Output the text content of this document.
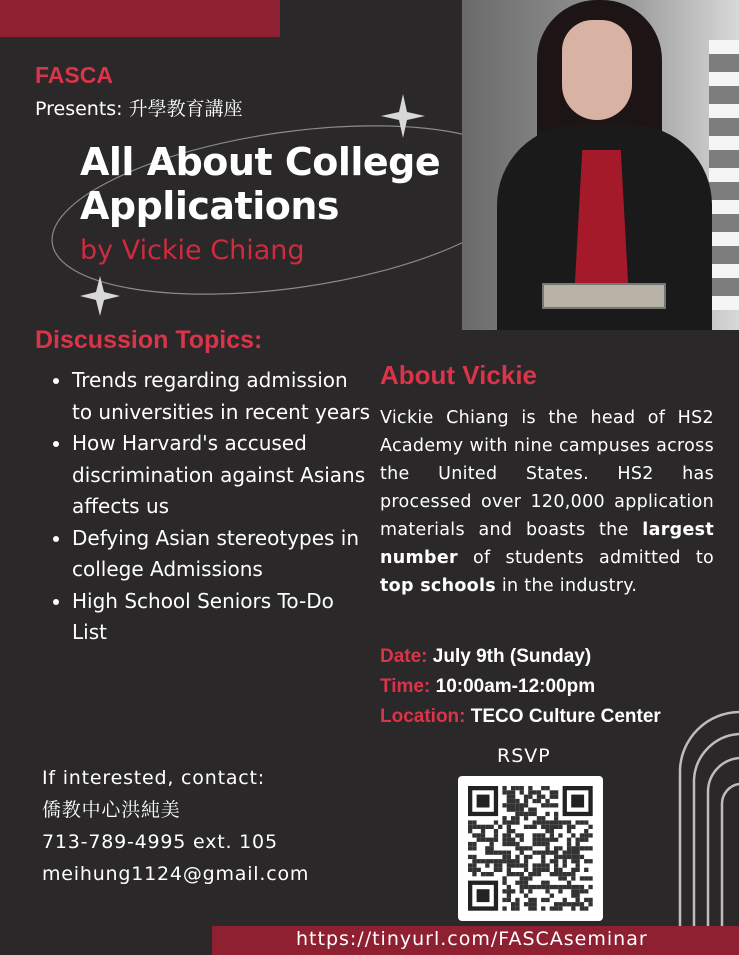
FASCA
Presents: 升學教育講座
All About College
Applications
by Vickie Chiang
Discussion Topics:
• Trends regarding admission to universities in recent years
• How Harvard's accused discrimination against Asians affects us
• Defying Asian stereotypes in college Admissions
• High School Seniors To-Do List
If interested, contact:
僑教中心洪純美
713-789-4995 ext. 105
meihung1124@gmail.com
About Vickie
Vickie Chiang is the head of HS2 Academy with nine campuses across the United States. HS2 has processed over 120,000 application materials and boasts the largest number of students admitted to top schools in the industry.
Date: July 9th (Sunday)
Time: 10:00am-12:00pm
Location: TECO Culture Center
RSVP
https://tinyurl.com/FASCAseminar
